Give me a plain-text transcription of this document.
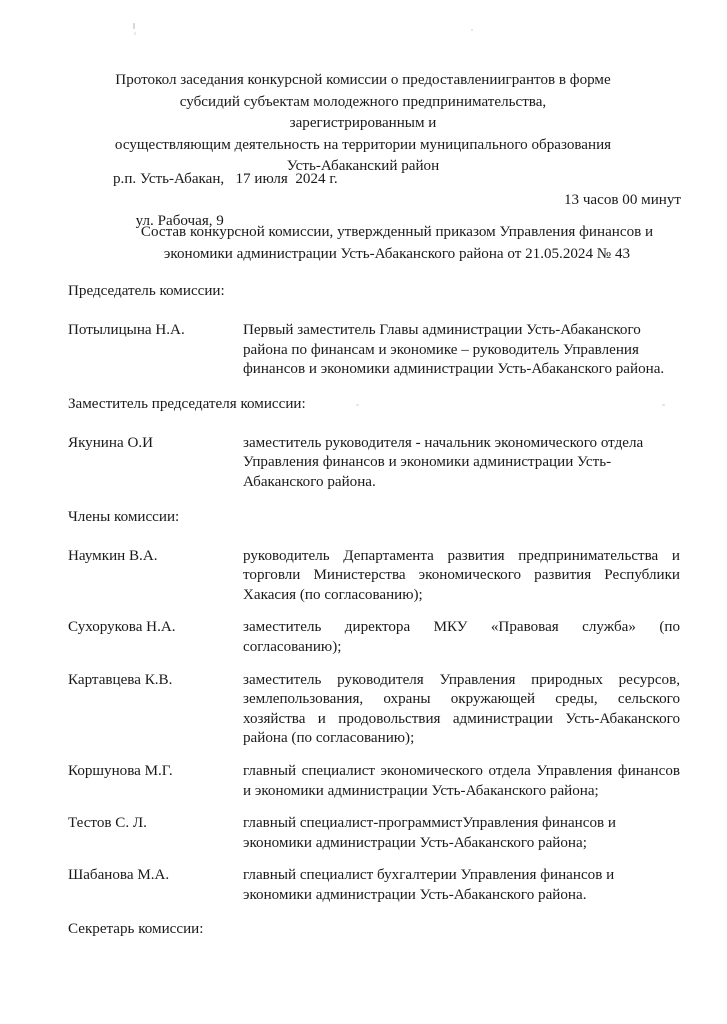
Протокол заседания конкурсной комиссии о предоставлениигрантов в форме
субсидий субъектам молодежного предпринимательства, зарегистрированным и
осуществляющим деятельность на территории муниципального образования
Усть-Абаканский район
р.п. Усть-Абакан,   17 июля  2024 г.

ул. Рабочая, 9

13 часов 00 минут

Состав конкурсной комиссии, утвержденный приказом Управления финансов и
экономики администрации Усть-Абаканского района от 21.05.2024 № 43
Председатель комиссии:
Потылицына Н.А.	Первый заместитель Главы администрации Усть-Абаканского района по финансам и экономике – руководитель Управления финансов и экономики администрации Усть-Абаканского района.
Заместитель председателя комиссии:
Якунина О.И	заместитель руководителя - начальник экономического отдела Управления финансов и экономики администрации Усть-Абаканского района.
Члены комиссии:
Наумкин В.А.	руководитель Департамента развития предпринимательства и торговли Министерства экономического развития Республики Хакасия (по согласованию);
Сухорукова Н.А.	заместитель директора МКУ «Правовая служба» (по согласованию);
Картавцева К.В.	заместитель руководителя Управления природных ресурсов, землепользования, охраны окружающей среды, сельского хозяйства и продовольствия администрации Усть-Абаканского района (по согласованию);
Коршунова М.Г.	главный специалист экономического отдела Управления финансов и экономики администрации Усть-Абаканского района;
Тестов С. Л.	главный специалист-программистУправления финансов и экономики администрации Усть-Абаканского района;
Шабанова М.А.	главный специалист бухгалтерии Управления финансов и экономики администрации Усть-Абаканского района.
Секретарь комиссии:
